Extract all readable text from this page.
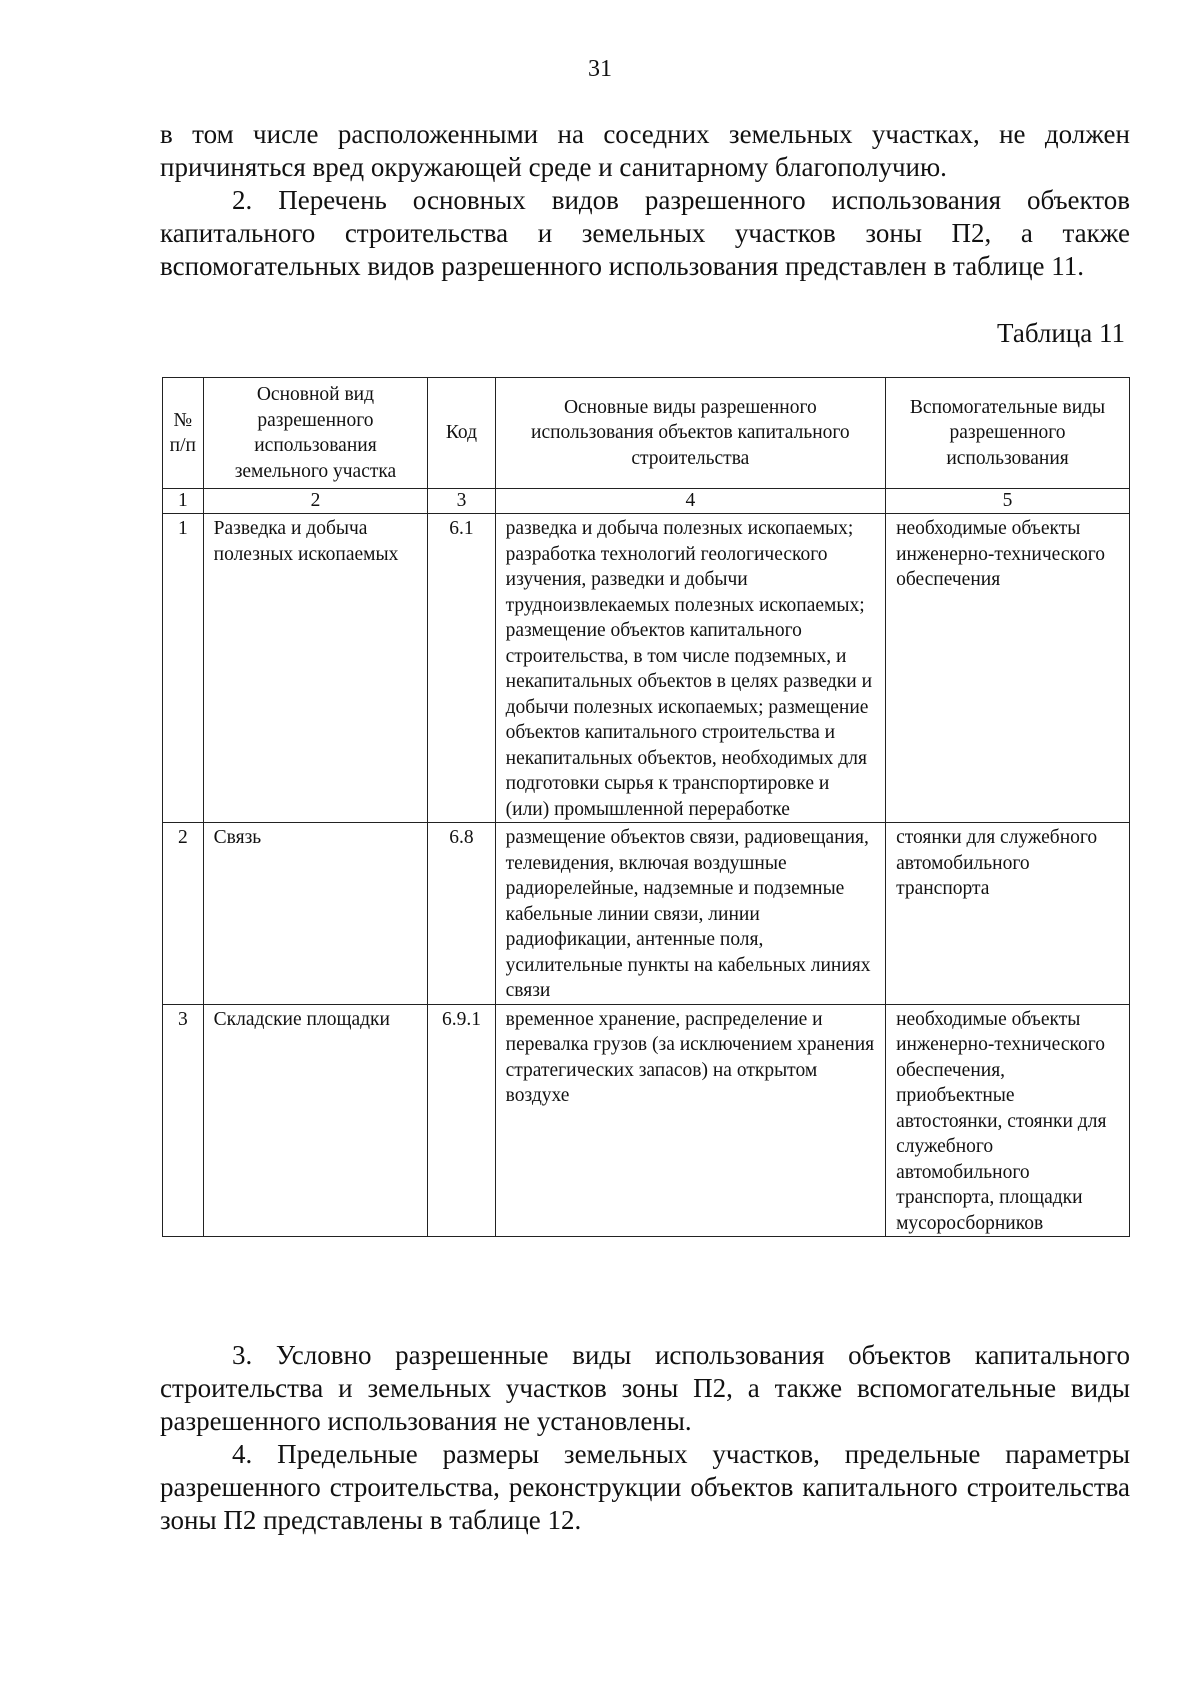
31

в том числе расположенными на соседних земельных участках, не должен причиняться вред окружающей среде и санитарному благополучию.

2. Перечень основных видов разрешенного использования объектов капитального строительства и земельных участков зоны П2, а также вспомогательных видов разрешенного использования представлен в таблице 11.

Таблица 11
№ п/п	Основной вид разрешенного использования земельного участка	Код	Основные виды разрешенного использования объектов капитального строительства	Вспомогательные виды разрешенного использования
1	2	3	4	5
1	Разведка и добыча полезных ископаемых	6.1	разведка и добыча полезных ископаемых; разработка технологий геологического изучения, разведки и добычи трудноизвлекаемых полезных ископаемых; размещение объектов капитального строительства, в том числе подземных, и некапитальных объектов в целях разведки и добычи полезных ископаемых; размещение объектов капитального строительства и некапитальных объектов, необходимых для подготовки сырья к транспортировке и (или) промышленной переработке	необходимые объекты инженерно-технического обеспечения
2	Связь	6.8	размещение объектов связи, радиовещания, телевидения, включая воздушные радиорелейные, надземные и подземные кабельные линии связи, линии радиофикации, антенные поля, усилительные пункты на кабельных линиях связи	стоянки для служебного автомобильного транспорта
3	Складские площадки	6.9.1	временное хранение, распределение и перевалка грузов (за исключением хранения стратегических запасов) на открытом воздухе	необходимые объекты инженерно-технического обеспечения, приобъектные автостоянки, стоянки для служебного автомобильного транспорта, площадки мусоросборников

3. Условно разрешенные виды использования объектов капитального строительства и земельных участков зоны П2, а также вспомогательные виды разрешенного использования не установлены.

4. Предельные размеры земельных участков, предельные параметры разрешенного строительства, реконструкции объектов капитального строительства зоны П2 представлены в таблице 12.
